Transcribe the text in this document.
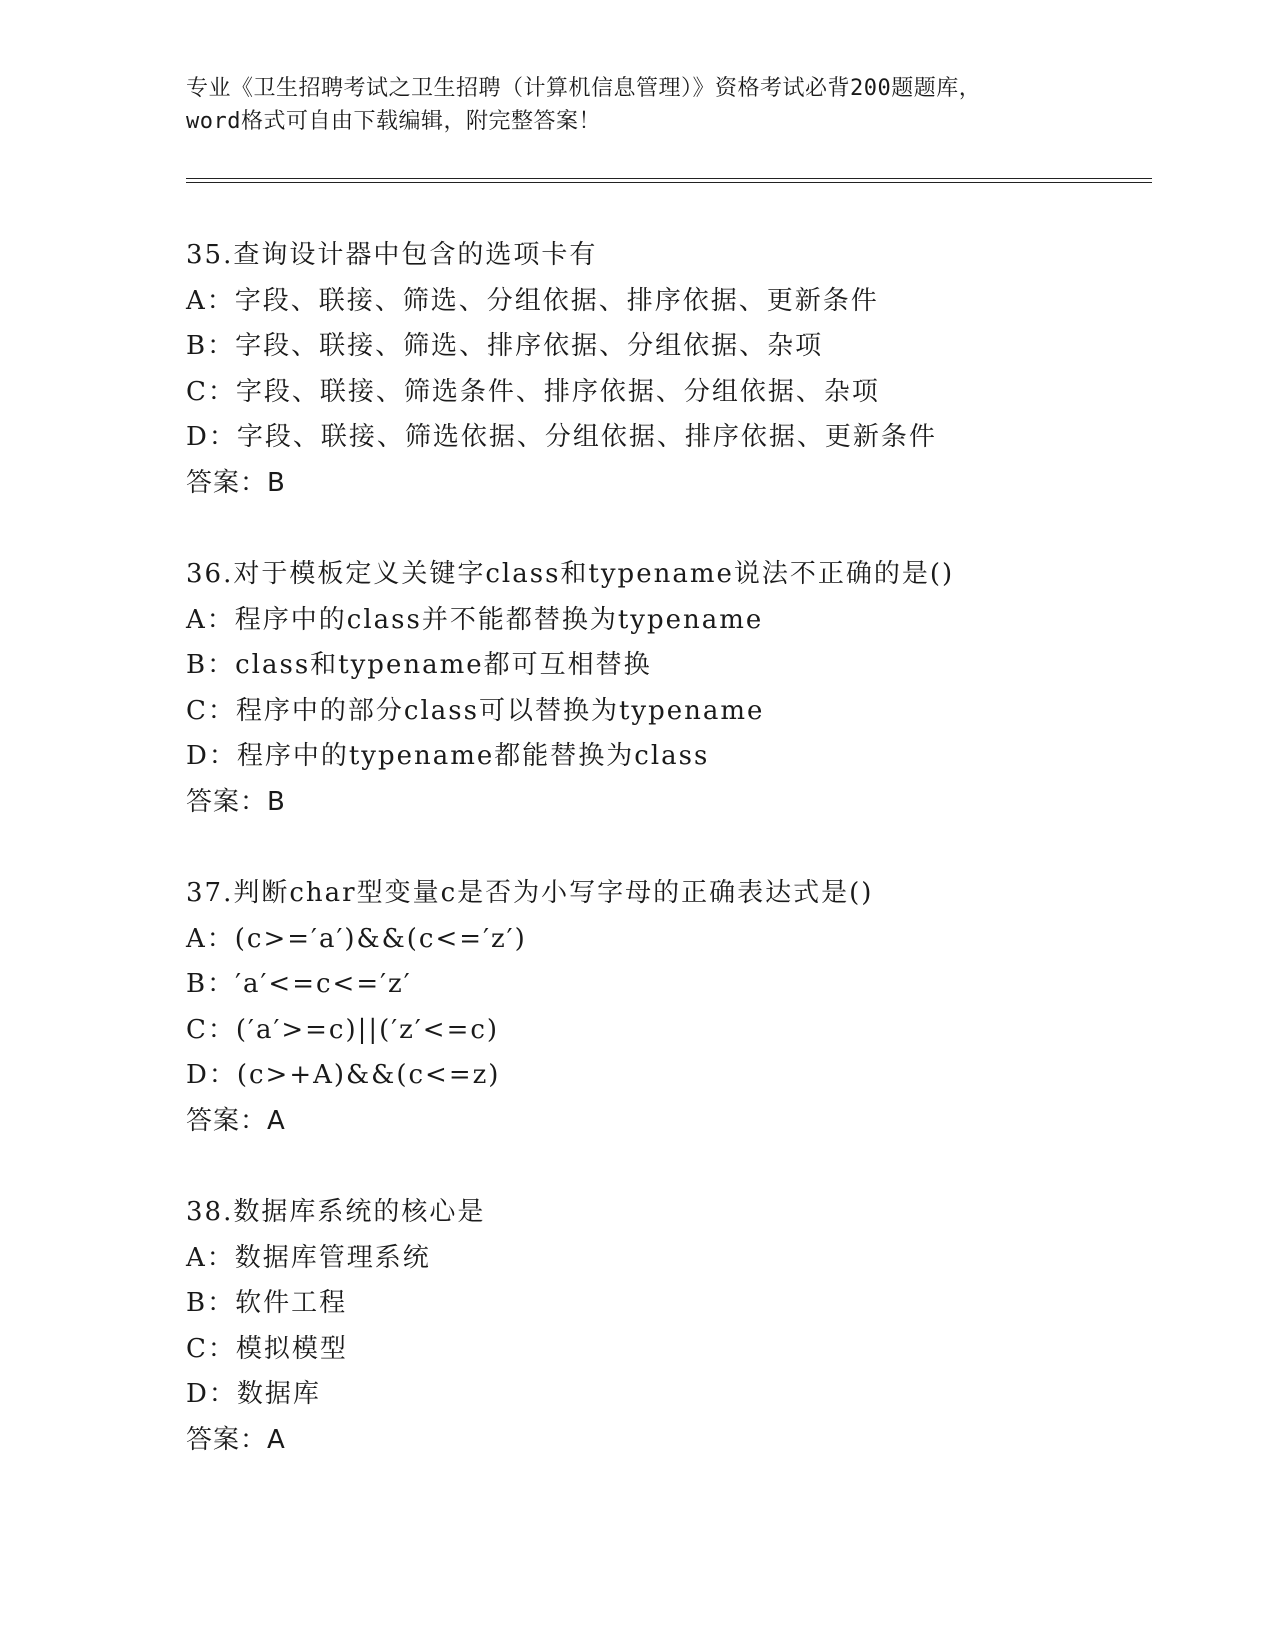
专业《卫生招聘考试之卫生招聘（计算机信息管理）》资格考试必背200题题库，
word格式可自由下载编辑，附完整答案！
35.查询设计器中包含的选项卡有
A：字段、联接、筛选、分组依据、排序依据、更新条件
B：字段、联接、筛选、排序依据、分组依据、杂项
C：字段、联接、筛选条件、排序依据、分组依据、杂项
D：字段、联接、筛选依据、分组依据、排序依据、更新条件
答案：B
36.对于模板定义关键字class和typename说法不正确的是()
A：程序中的class并不能都替换为typename
B：class和typename都可互相替换
C：程序中的部分class可以替换为typename
D：程序中的typename都能替换为class
答案：B
37.判断char型变量c是否为小写字母的正确表达式是()
A：(c>=′a′)&&(c<=′z′)
B：′a′<=c<=′z′
C：(′a′>=c)||(′z′<=c)
D：(c>+A)&&(c<=z)
答案：A
38.数据库系统的核心是
A：数据库管理系统
B：软件工程
C：模拟模型
D：数据库
答案：A
